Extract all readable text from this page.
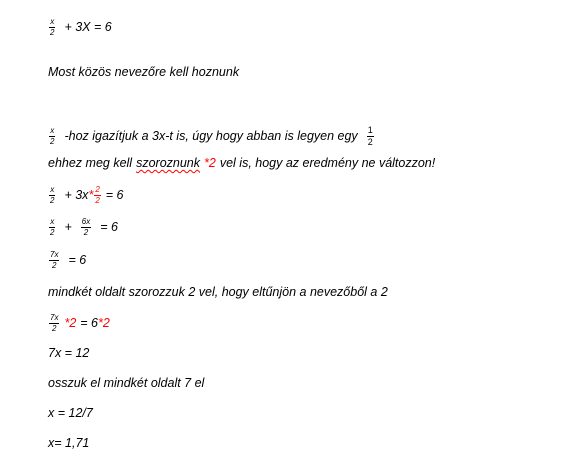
$\frac{x}{2} + 3X = 6$
Most közös nevezőre kell hoznunk
$\frac{x}{2} -hoz$ igazítjuk a 3x-t is, úgy hogy abban is legyen egy $\frac{1}{2}$
ehhez meg kell szoroznunk *2 vel is, hogy az eredmény ne változzon!
$\frac{x}{2} + 3x * \frac{2}{2} = 6$
$\frac{x}{2} + \frac{6x}{2} = 6$
$\frac{7x}{2} = 6$
mindkét oldalt szorozzuk 2 vel, hogy eltűnjön a nevezőből a 2
$\frac{7x}{2} *2 = 6$ *2
7x = 12
osszuk el mindkét oldalt 7 el
x = 12/7
x= 1,71
